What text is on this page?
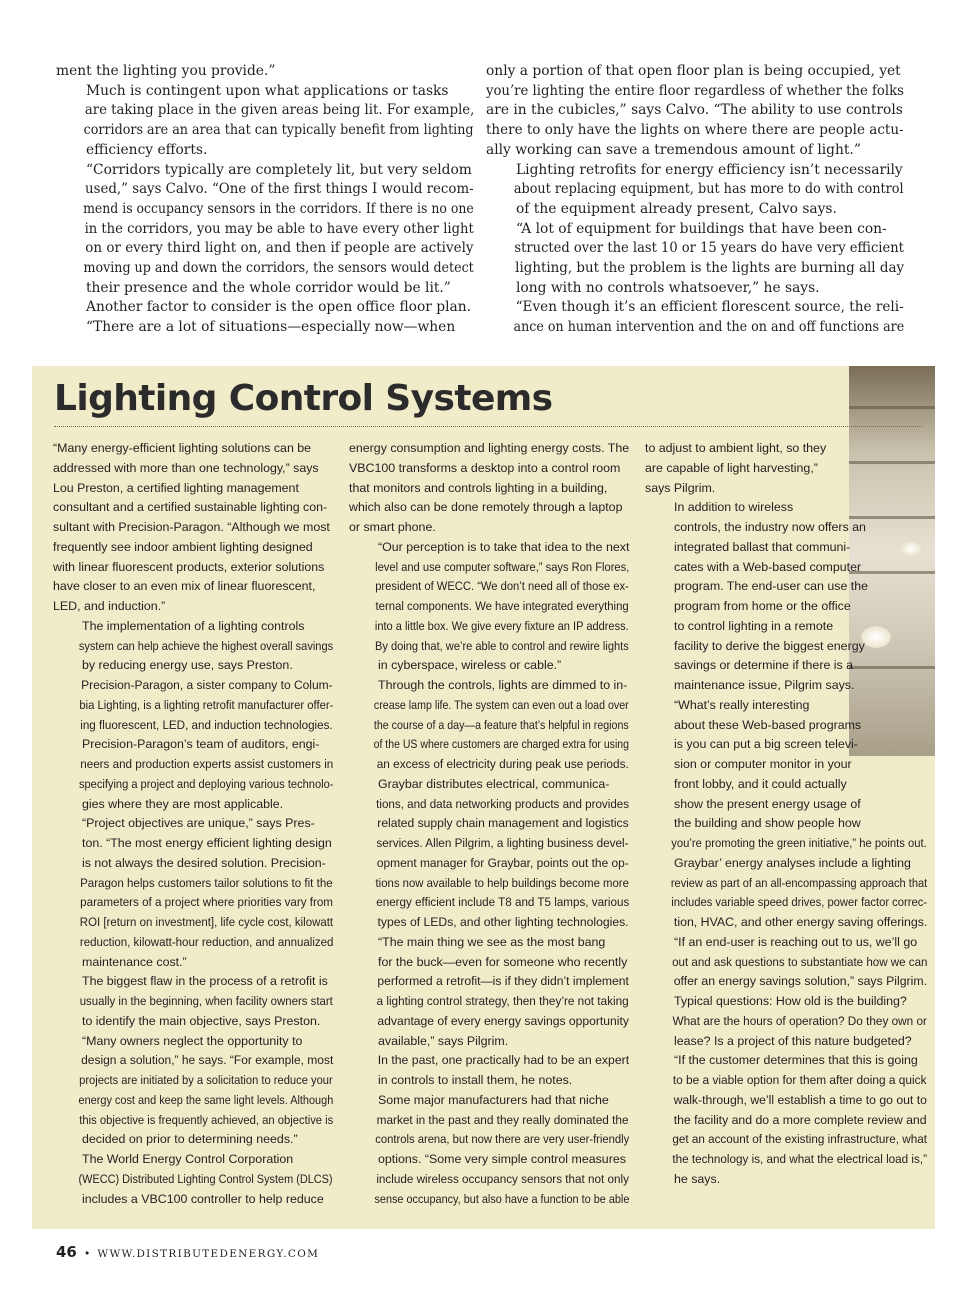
ment the lighting you provide.”

Much is contingent upon what applications or tasks
are taking place in the given areas being lit. For example,
corridors are an area that can typically benefit from lighting
efficiency efforts.

“Corridors typically are completely lit, but very seldom
used,” says Calvo. “One of the first things I would recom-
mend is occupancy sensors in the corridors. If there is no one
in the corridors, you may be able to have every other light
on or every third light on, and then if people are actively
moving up and down the corridors, the sensors would detect
their presence and the whole corridor would be lit.”

Another factor to consider is the open office floor plan.

“There are a lot of situations—especially now—when

only a portion of that open floor plan is being occupied, yet
you’re lighting the entire floor regardless of whether the folks
are in the cubicles,” says Calvo. “The ability to use controls
there to only have the lights on where there are people actu-
ally working can save a tremendous amount of light.”

Lighting retrofits for energy efficiency isn’t necessarily
about replacing equipment, but has more to do with control
of the equipment already present, Calvo says.

“A lot of equipment for buildings that have been con-
structed over the last 10 or 15 years do have very efficient
lighting, but the problem is the lights are burning all day
long with no controls whatsoever,” he says.

“Even though it’s an efficient florescent source, the reli-
ance on human intervention and the on and off functions are

Lighting Control Systems

“Many energy-efficient lighting solutions can be
addressed with more than one technology,” says
Lou Preston, a certified lighting management
consultant and a certified sustainable lighting con-
sultant with Precision-Paragon. “Although we most
frequently see indoor ambient lighting designed
with linear fluorescent products, exterior solutions
have closer to an even mix of linear fluorescent,
LED, and induction.”

The implementation of a lighting controls
system can help achieve the highest overall savings
by reducing energy use, says Preston.

Precision-Paragon, a sister company to Colum-
bia Lighting, is a lighting retrofit manufacturer offer-
ing fluorescent, LED, and induction technologies.

Precision-Paragon’s team of auditors, engi-
neers and production experts assist customers in
specifying a project and deploying various technolo-
gies where they are most applicable.

“Project objectives are unique,” says Pres-
ton. “The most energy efficient lighting design
is not always the desired solution. Precision-
Paragon helps customers tailor solutions to fit the
parameters of a project where priorities vary from
ROI [return on investment], life cycle cost, kilowatt
reduction, kilowatt-hour reduction, and annualized
maintenance cost.”

The biggest flaw in the process of a retrofit is
usually in the beginning, when facility owners start
to identify the main objective, says Preston.

“Many owners neglect the opportunity to
design a solution,” he says. “For example, most
projects are initiated by a solicitation to reduce your
energy cost and keep the same light levels. Although
this objective is frequently achieved, an objective is
decided on prior to determining needs.”

The World Energy Control Corporation
(WECC) Distributed Lighting Control System (DLCS)
includes a VBC100 controller to help reduce

energy consumption and lighting energy costs. The
VBC100 transforms a desktop into a control room
that monitors and controls lighting in a building,
which also can be done remotely through a laptop
or smart phone.

“Our perception is to take that idea to the next
level and use computer software,” says Ron Flores,
president of WECC. “We don’t need all of those ex-
ternal components. We have integrated everything
into a little box. We give every fixture an IP address.
By doing that, we’re able to control and rewire lights
in cyberspace, wireless or cable.”

Through the controls, lights are dimmed to in-
crease lamp life. The system can even out a load over
the course of a day—a feature that’s helpful in regions
of the US where customers are charged extra for using
an excess of electricity during peak use periods.

Graybar distributes electrical, communica-
tions, and data networking products and provides
related supply chain management and logistics
services. Allen Pilgrim, a lighting business devel-
opment manager for Graybar, points out the op-
tions now available to help buildings become more
energy efficient include T8 and T5 lamps, various
types of LEDs, and other lighting technologies.

“The main thing we see as the most bang
for the buck—even for someone who recently
performed a retrofit—is if they didn’t implement
a lighting control strategy, then they’re not taking
advantage of every energy savings opportunity
available,” says Pilgrim.

In the past, one practically had to be an expert
in controls to install them, he notes.

Some major manufacturers had that niche
market in the past and they really dominated the
controls arena, but now there are very user-friendly
options. “Some very simple control measures
include wireless occupancy sensors that not only
sense occupancy, but also have a function to be able

to adjust to ambient light, so they
are capable of light harvesting,”
says Pilgrim.

In addition to wireless
controls, the industry now offers an
integrated ballast that communi-
cates with a Web-based computer
program. The end-user can use the
program from home or the office
to control lighting in a remote
facility to derive the biggest energy
savings or determine if there is a
maintenance issue, Pilgrim says.

“What’s really interesting
about these Web-based programs
is you can put a big screen televi-
sion or computer monitor in your
front lobby, and it could actually
show the present energy usage of
the building and show people how
you’re promoting the green initiative,” he points out.

Graybar’ energy analyses include a lighting
review as part of an all-encompassing approach that
includes variable speed drives, power factor correc-
tion, HVAC, and other energy saving offerings.

“If an end-user is reaching out to us, we’ll go
out and ask questions to substantiate how we can
offer an energy savings solution,” says Pilgrim.

Typical questions: How old is the building?
What are the hours of operation? Do they own or
lease? Is a project of this nature budgeted?

“If the customer determines that this is going
to be a viable option for them after doing a quick
walk-through, we’ll establish a time to go out to
the facility and do a more complete review and
get an account of the existing infrastructure, what
the technology is, and what the electrical load is,”
he says.

46 • WWW.DISTRIBUTEDENERGY.COM
